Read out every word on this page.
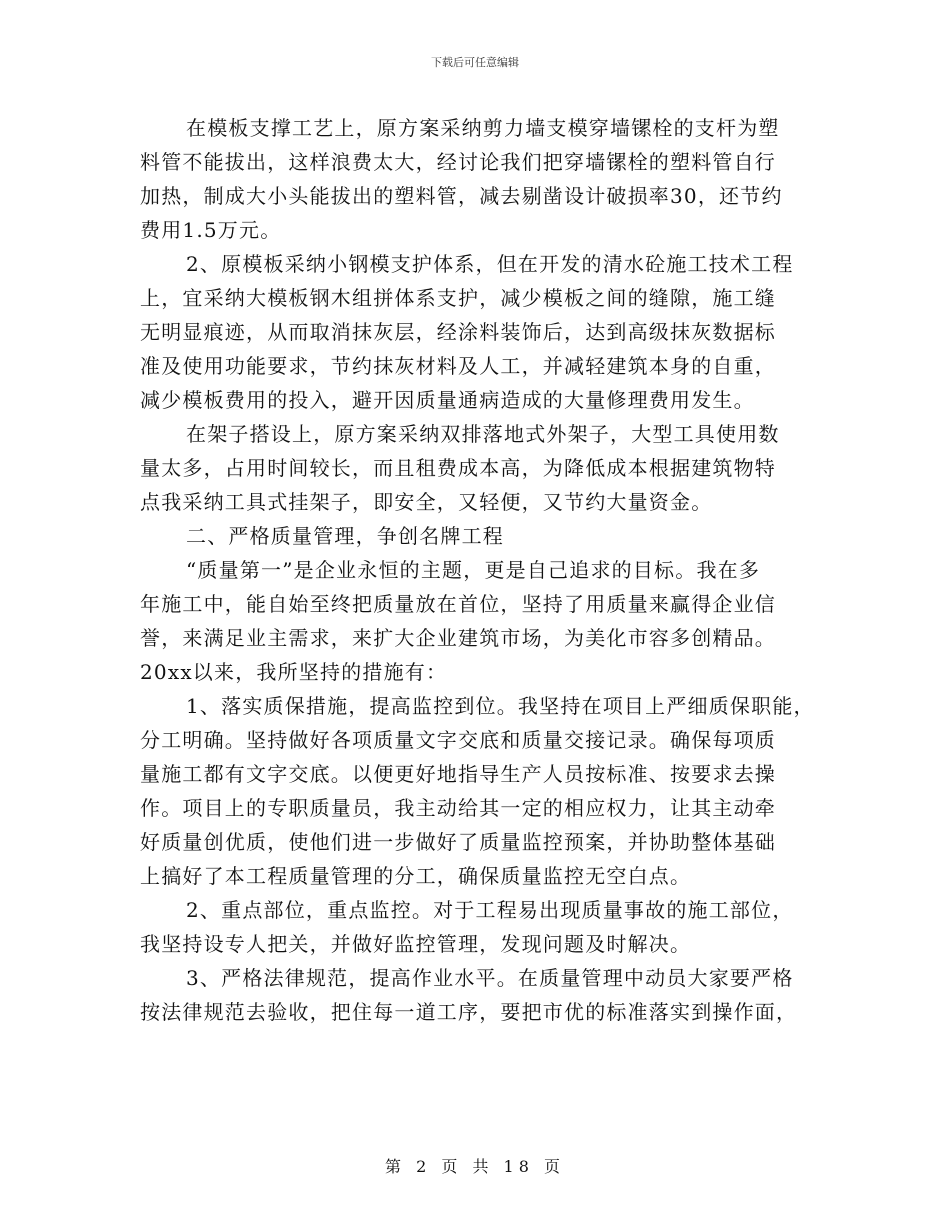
下载后可任意编辑
在模板支撑工艺上，原方案采纳剪力墙支模穿墙镙栓的支杆为塑
料管不能拔出，这样浪费太大，经讨论我们把穿墙镙栓的塑料管自行
加热，制成大小头能拔出的塑料管，减去剔凿设计破损率30，还节约
费用1.5万元。
2、原模板采纳小钢模支护体系，但在开发的清水砼施工技术工程
上，宜采纳大模板钢木组拼体系支护，减少模板之间的缝隙，施工缝
无明显痕迹，从而取消抹灰层，经涂料装饰后，达到高级抹灰数据标
准及使用功能要求，节约抹灰材料及人工，并减轻建筑本身的自重，
减少模板费用的投入，避开因质量通病造成的大量修理费用发生。
在架子搭设上，原方案采纳双排落地式外架子，大型工具使用数
量太多，占用时间较长，而且租费成本高，为降低成本根据建筑物特
点我采纳工具式挂架子，即安全，又轻便，又节约大量资金。
二、严格质量管理，争创名牌工程
“质量第一”是企业永恒的主题，更是自己追求的目标。我在多
年施工中，能自始至终把质量放在首位，坚持了用质量来赢得企业信
誉，来满足业主需求，来扩大企业建筑市场，为美化市容多创精品。
20xx以来，我所坚持的措施有：
1、落实质保措施，提高监控到位。我坚持在项目上严细质保职能，
分工明确。坚持做好各项质量文字交底和质量交接记录。确保每项质
量施工都有文字交底。以便更好地指导生产人员按标准、按要求去操
作。项目上的专职质量员，我主动给其一定的相应权力，让其主动牵
好质量创优质，使他们进一步做好了质量监控预案，并协助整体基础
上搞好了本工程质量管理的分工，确保质量监控无空白点。
2、重点部位，重点监控。对于工程易出现质量事故的施工部位，
我坚持设专人把关，并做好监控管理，发现问题及时解决。
3、严格法律规范，提高作业水平。在质量管理中动员大家要严格
按法律规范去验收，把住每一道工序，要把市优的标准落实到操作面，
第 2 页 共 18 页
